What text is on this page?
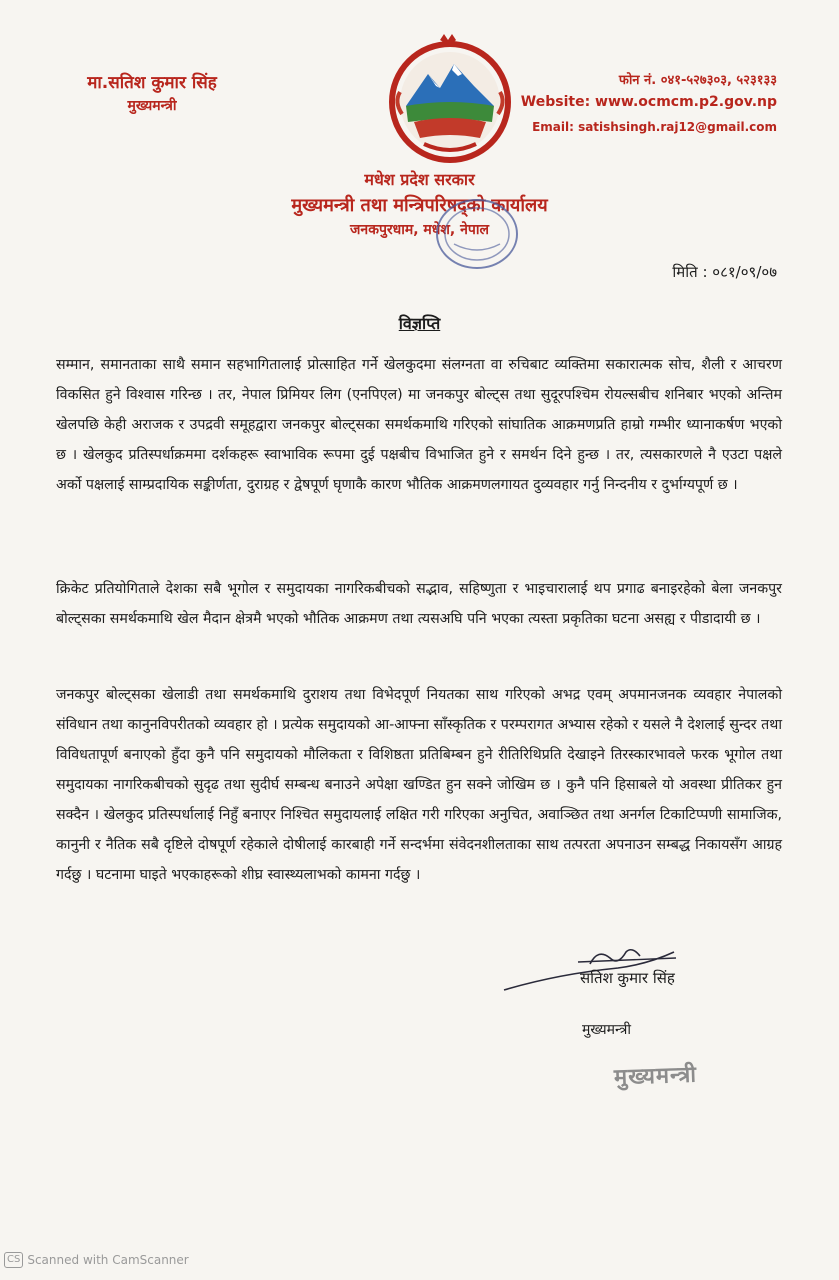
मा.सतिश कुमार सिंह
मुख्यमन्त्री
फोन नं. ०४१-५२७३०३, ५२३१३३
Website: www.ocmcm.p2.gov.np
Email: satishsingh.raj12@gmail.com
मधेश प्रदेश सरकार
मुख्यमन्त्री तथा मन्त्रिपरिषद्को कार्यालय
जनकपुरधाम, मधेश, नेपाल
मिति : ०८१/०९/०७
विज्ञप्ति

सम्मान, समानताका साथै समान सहभागितालाई प्रोत्साहित गर्ने खेलकुदमा संलग्नता वा रुचिबाट व्यक्तिमा सकारात्मक सोच, शैली र आचरण विकसित हुने विश्वास गरिन्छ । तर, नेपाल प्रिमियर लिग (एनपिएल) मा जनकपुर बोल्ट्स तथा सुदूरपश्चिम रोयल्सबीच शनिबार भएको अन्तिम खेलपछि केही अराजक र उपद्रवी समूहद्वारा जनकपुर बोल्ट्सका समर्थकमाथि गरिएको सांघातिक आक्रमणप्रति हाम्रो गम्भीर ध्यानाकर्षण भएको छ । खेलकुद प्रतिस्पर्धाक्रममा दर्शकहरू स्वाभाविक रूपमा दुई पक्षबीच विभाजित हुने र समर्थन दिने हुन्छ । तर, त्यसकारणले नै एउटा पक्षले अर्को पक्षलाई साम्प्रदायिक सङ्कीर्णता, दुराग्रह र द्वेषपूर्ण घृणाकै कारण भौतिक आक्रमणलगायत दुव्यवहार गर्नु निन्दनीय र दुर्भाग्यपूर्ण छ ।

क्रिकेट प्रतियोगिताले देशका सबै भूगोल र समुदायका नागरिकबीचको सद्भाव, सहिष्णुता र भाइचारालाई थप प्रगाढ बनाइरहेको बेला जनकपुर बोल्ट्सका समर्थकमाथि खेल मैदान क्षेत्रमै भएको भौतिक आक्रमण तथा त्यसअघि पनि भएका त्यस्ता प्रकृतिका घटना असह्य र पीडादायी छ ।

जनकपुर बोल्ट्सका खेलाडी तथा समर्थकमाथि दुराशय तथा विभेदपूर्ण नियतका साथ गरिएको अभद्र एवम् अपमानजनक व्यवहार नेपालको संविधान तथा कानुनविपरीतको व्यवहार हो । प्रत्येक समुदायको आ-आफ्ना साँस्कृतिक र परम्परागत अभ्यास रहेको र यसले नै देशलाई सुन्दर तथा विविधतापूर्ण बनाएको हुँदा कुनै पनि समुदायको मौलिकता र विशिष्ठता प्रतिबिम्बन हुने रीतिरिथिप्रति देखाइने तिरस्कारभावले फरक भूगोल तथा समुदायका नागरिकबीचको सुदृढ तथा सुदीर्घ सम्बन्ध बनाउने अपेक्षा खण्डित हुन सक्ने जोखिम छ । कुनै पनि हिसाबले यो अवस्था प्रीतिकर हुन सक्दैन । खेलकुद प्रतिस्पर्धालाई निहुँ बनाएर निश्चित समुदायलाई लक्षित गरी गरिएका अनुचित, अवाञ्छित तथा अनर्गल टिकाटिप्पणी सामाजिक, कानुनी र नैतिक सबै दृष्टिले दोषपूर्ण रहेकाले दोषीलाई कारबाही गर्ने सन्दर्भमा संवेदनशीलताका साथ तत्परता अपनाउन सम्बद्ध निकायसँग आग्रह गर्दछु । घटनामा घाइते भएकाहरूको शीघ्र स्वास्थ्यलाभको कामना गर्दछु ।

सतिश कुमार सिंह
मुख्यमन्त्री
मुख्यमन्त्री
CS Scanned with CamScanner
